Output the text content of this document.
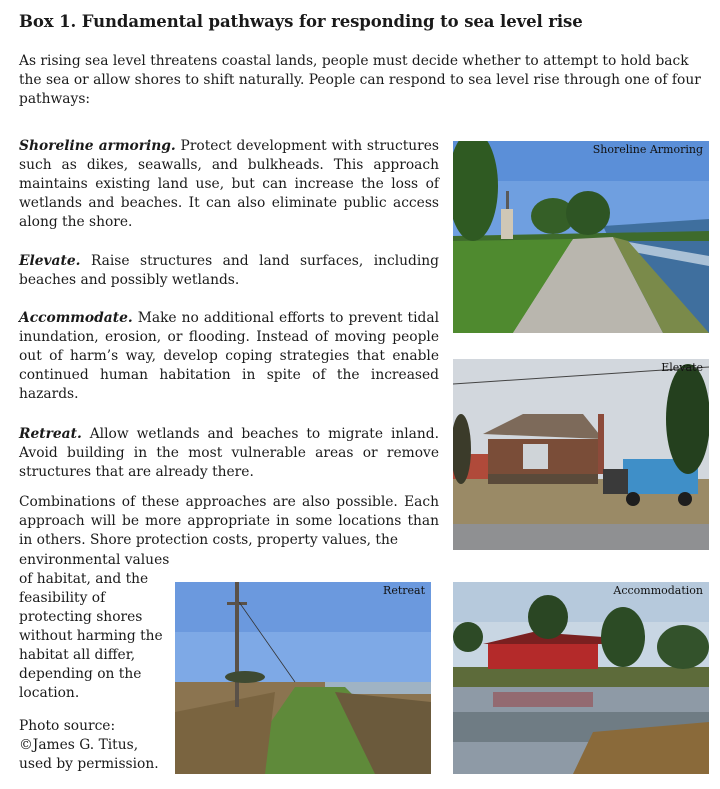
Box 1. Fundamental pathways for responding to sea level rise
As rising sea level threatens coastal lands, people must decide whether to attempt to hold back the sea or allow shores to shift naturally. People can respond to sea level rise through one of four pathways:
Shoreline armoring. Protect development with structures such as dikes, seawalls, and bulkheads. This approach maintains existing land use, but can increase the loss of wetlands and beaches. It can also eliminate public access along the shore.
Elevate. Raise structures and land surfaces, including beaches and possibly wetlands.
Accommodate. Make no additional efforts to prevent tidal inundation, erosion, or flooding. Instead of moving people out of harm’s way, develop coping strategies that enable continued human habitation in spite of the increased hazards.
Retreat. Allow wetlands and beaches to migrate inland. Avoid building in the most vulnerable areas or remove structures that are already there.
Combinations of these approaches are also possible. Each approach will be more appropriate in some locations than in others. Shore protection costs, property values, the
environmental values of habitat, and the feasibility of protecting shores without harming the habitat all differ, depending on the location.
Photo source: ©James G. Titus, used by permission.
Shoreline Armoring
Elevate
Retreat	Accommodation
